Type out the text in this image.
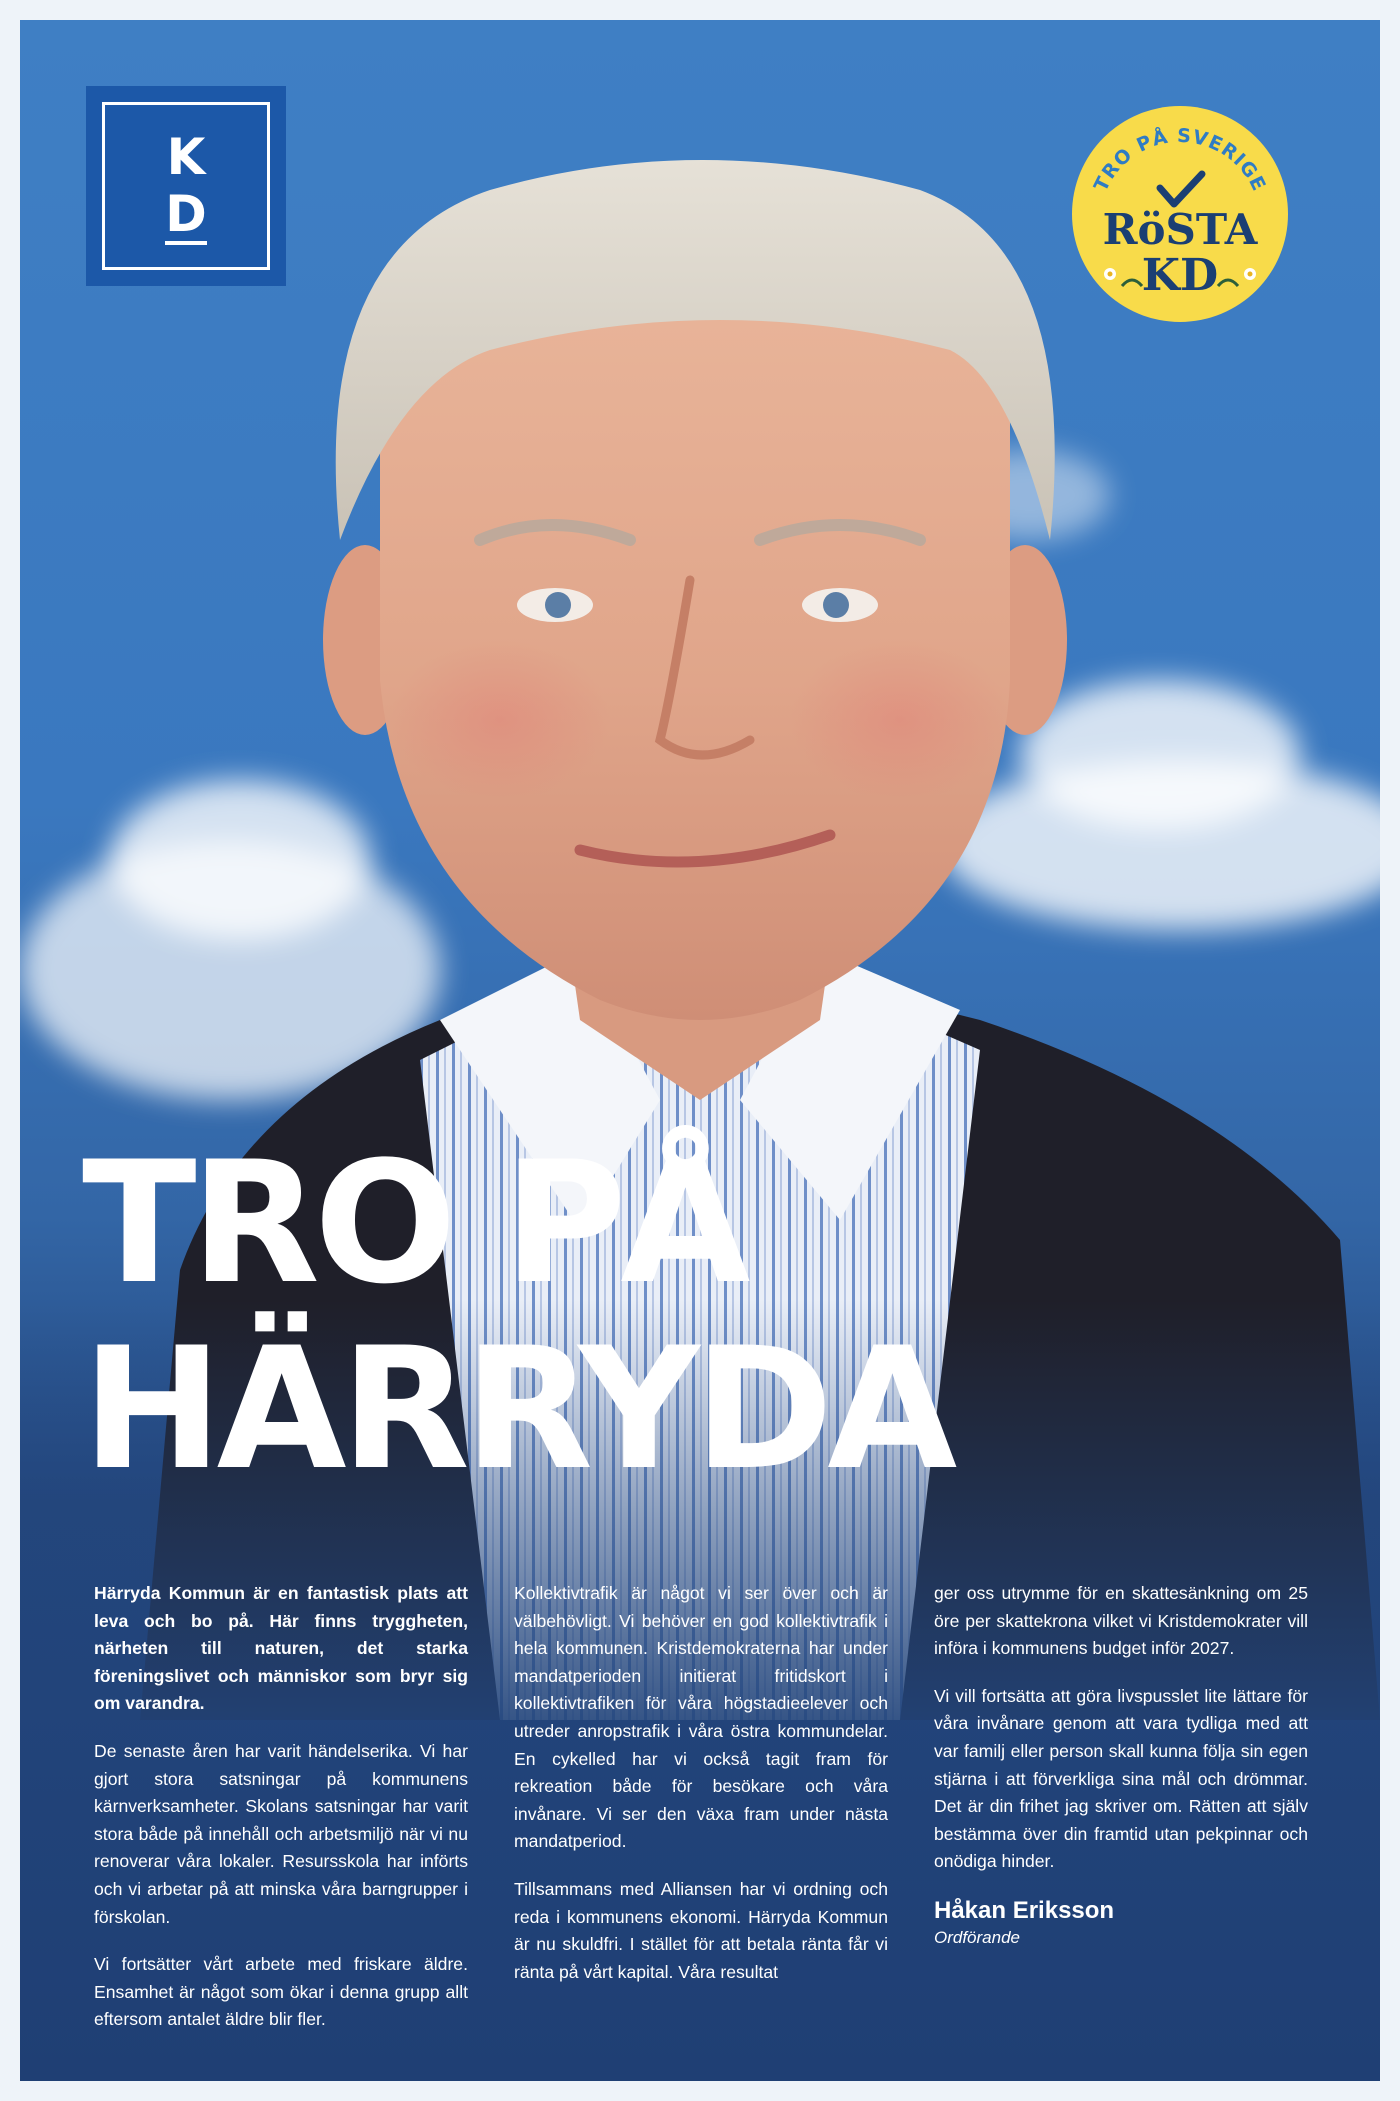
K
D
TRO PÅ SVERIGE
RöSTA
KD
TRO PÅ
HÄRRYDA

Härryda Kommun är en fantastisk plats att leva och bo på. Här finns tryggheten, närheten till naturen, det starka föreningslivet och människor som bryr sig om varandra.

De senaste åren har varit händelserika. Vi har gjort stora satsningar på kommunens kärnverksamheter. Skolans satsningar har varit stora både på innehåll och arbetsmiljö när vi nu renoverar våra lokaler. Resursskola har införts och vi arbetar på att minska våra barngrupper i förskolan.

Vi fortsätter vårt arbete med friskare äldre. Ensamhet är något som ökar i denna grupp allt eftersom antalet äldre blir fler.

Kollektivtrafik är något vi ser över och är välbehövligt. Vi behöver en god kollektivtrafik i hela kommunen. Kristdemokraterna har under mandatperioden initierat fritidskort i kollektivtrafiken för våra högstadieelever och utreder anropstrafik i våra östra kommundelar. En cykelled har vi också tagit fram för rekreation både för besökare och våra invånare. Vi ser den växa fram under nästa mandatperiod.

Tillsammans med Alliansen har vi ordning och reda i kommunens ekonomi. Härryda Kommun är nu skuldfri. I stället för att betala ränta får vi ränta på vårt kapital. Våra resultat

ger oss utrymme för en skattesänkning om 25 öre per skattekrona vilket vi Kristdemokrater vill införa i kommunens budget inför 2027.

Vi vill fortsätta att göra livspusslet lite lättare för våra invånare genom att vara tydliga med att var familj eller person skall kunna följa sin egen stjärna i att förverkliga sina mål och drömmar. Det är din frihet jag skriver om. Rätten att själv bestämma över din framtid utan pekpinnar och onödiga hinder.

Håkan Eriksson
Ordförande
